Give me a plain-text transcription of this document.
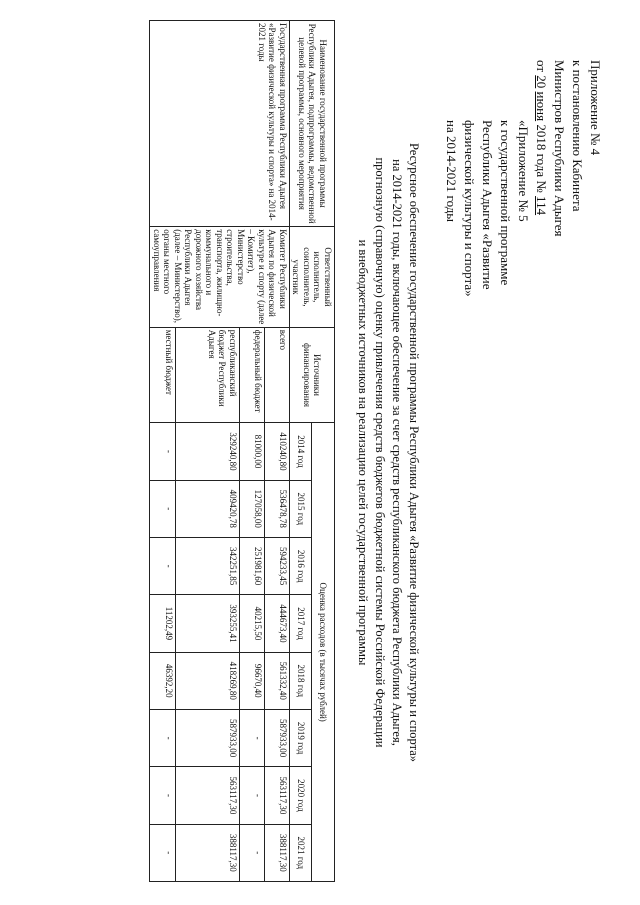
Приложение № 4
к постановлению Кабинета
Министров Республики Адыгея
от 20 июня 2018 года № 114
«Приложение № 5
к государственной программе
Республики Адыгея «Развитие
физической культуры и спорта»
на 2014-2021 годы
Ресурсное обеспечение государственной программы Республики Адыгея «Развитие физической культуры и спорта»
на 2014-2021 годы, включающее обеспечение за счет средств республиканского бюджета Республики Адыгея,
прогнозную (справочную) оценку привлечения средств бюджетов бюджетной системы Российской Федерации
и внебюджетных источников на реализацию целей государственной программы
Наименование государственной программы Республики Адыгея, подпрограммы, ведомственной целевой программы, основного мероприятия	Ответственный исполнитель, соисполнитель, участник	Источники финансирования	Оценка расходов (в тысячах рублей)							
			2014 год	2015 год	2016 год	2017 год	2018 год	2019 год	2020 год	2021 год
Государственная программа Республики Адыгея «Развитие физической культуры и спорта» на 2014-2021 годы	Комитет Республики Адыгея по физической культуре и спорту (далее – Комитет), Министерство строительства, транспорта, жилищно-коммунального и дорожного хозяйства Республики Адыгея (далее – Министерство), органы местного самоуправления	всего	410240,80	536478,78	594233,45	444673,40	561332,40	587933,00	563117,30	388117,30
		федеральный бюджет	81000,00	127058,00	251981,60	40215,50	96670,40	-	-	-
		республиканский бюджет Республики Адыгея	329240,80	409420,78	342251,85	393255,41	418269,80	587933,00	563117,30	388117,30
		местный бюджет	-	-	-	11202,49	46392,20	-	-	-
